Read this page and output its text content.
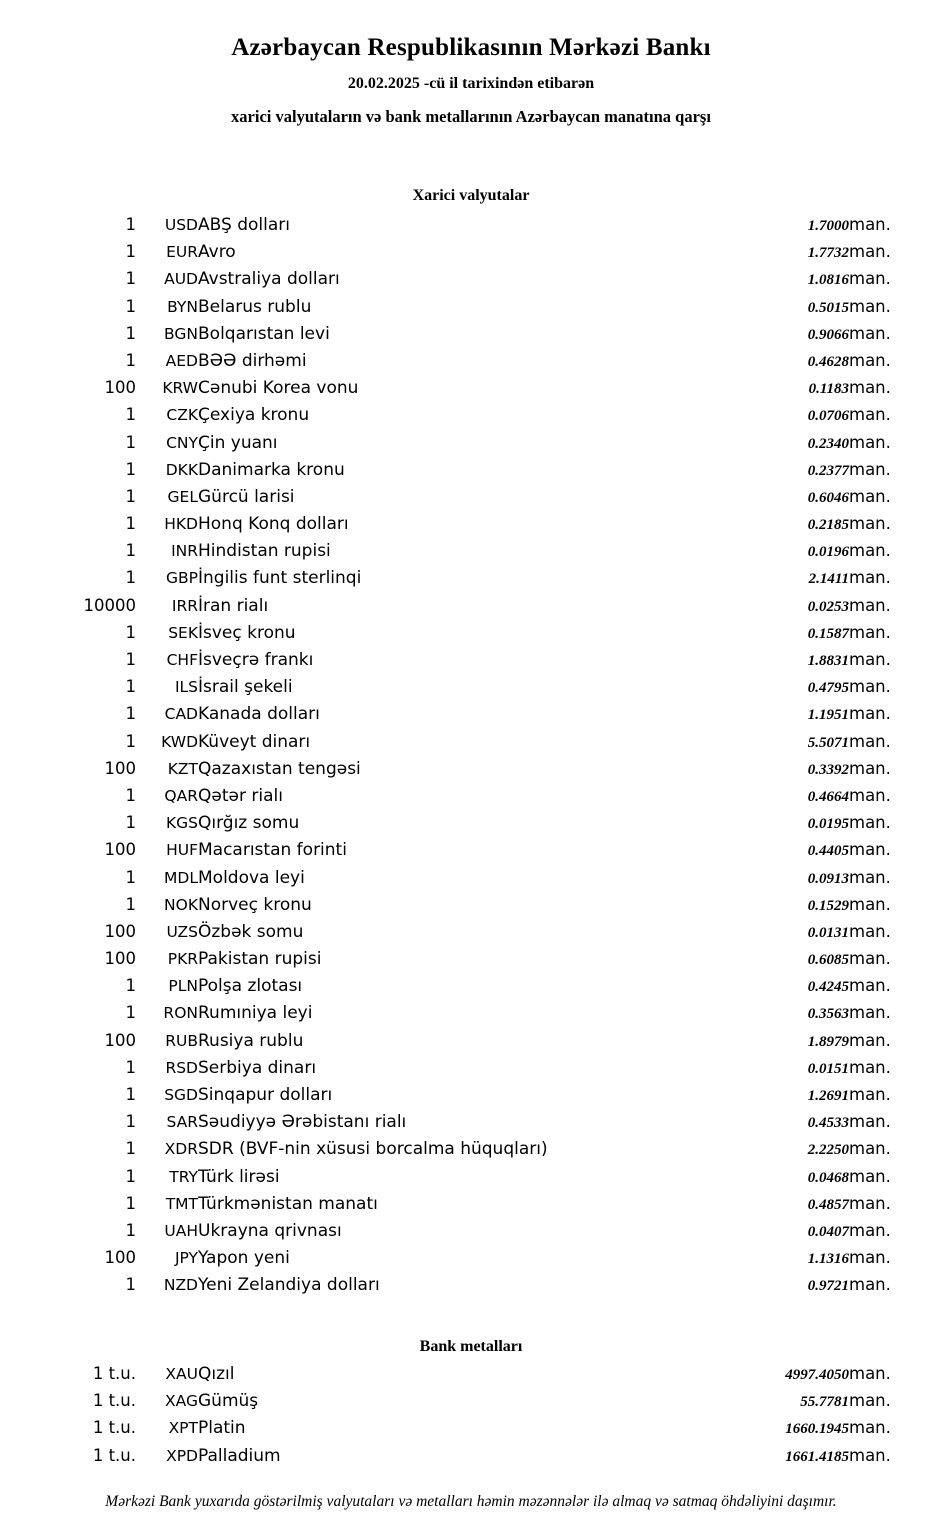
Azərbaycan Respublikasının Mərkəzi Bankı
20.02.2025 -cü il tarixindən etibarən
xarici valyutaların və bank metallarının Azərbaycan manatına qarşı
Xarici valyutalar
1	USD	ABŞ dolları	1.7000	man.
1	EUR	Avro	1.7732	man.
1	AUD	Avstraliya dolları	1.0816	man.
1	BYN	Belarus rublu	0.5015	man.
1	BGN	Bolqarıstan levi	0.9066	man.
1	AED	BƏƏ dirhəmi	0.4628	man.
100	KRW	Cənubi Korea vonu	0.1183	man.
1	CZK	Çexiya kronu	0.0706	man.
1	CNY	Çin yuanı	0.2340	man.
1	DKK	Danimarka kronu	0.2377	man.
1	GEL	Gürcü larisi	0.6046	man.
1	HKD	Honq Konq dolları	0.2185	man.
1	INR	Hindistan rupisi	0.0196	man.
1	GBP	İngilis funt sterlinqi	2.1411	man.
10000	IRR	İran rialı	0.0253	man.
1	SEK	İsveç kronu	0.1587	man.
1	CHF	İsveçrə frankı	1.8831	man.
1	ILS	İsrail şekeli	0.4795	man.
1	CAD	Kanada dolları	1.1951	man.
1	KWD	Küveyt dinarı	5.5071	man.
100	KZT	Qazaxıstan tengəsi	0.3392	man.
1	QAR	Qətər rialı	0.4664	man.
1	KGS	Qırğız somu	0.0195	man.
100	HUF	Macarıstan forinti	0.4405	man.
1	MDL	Moldova leyi	0.0913	man.
1	NOK	Norveç kronu	0.1529	man.
100	UZS	Özbək somu	0.0131	man.
100	PKR	Pakistan rupisi	0.6085	man.
1	PLN	Polşa zlotası	0.4245	man.
1	RON	Rumıniya leyi	0.3563	man.
100	RUB	Rusiya rublu	1.8979	man.
1	RSD	Serbiya dinarı	0.0151	man.
1	SGD	Sinqapur dolları	1.2691	man.
1	SAR	Səudiyyə Ərəbistanı rialı	0.4533	man.
1	XDR	SDR (BVF-nin xüsusi borcalma hüquqları)	2.2250	man.
1	TRY	Türk lirəsi	0.0468	man.
1	TMT	Türkmənistan manatı	0.4857	man.
1	UAH	Ukrayna qrivnası	0.0407	man.
100	JPY	Yapon yeni	1.1316	man.
1	NZD	Yeni Zelandiya dolları	0.9721	man.
Bank metalları
1 t.u.	XAU	Qızıl	4997.4050	man.
1 t.u.	XAG	Gümüş	55.7781	man.
1 t.u.	XPT	Platin	1660.1945	man.
1 t.u.	XPD	Palladium	1661.4185	man.
Mərkəzi Bank yuxarıda göstərilmiş valyutaları və metalları həmin məzənnələr ilə almaq və satmaq öhdəliyini daşımır.
